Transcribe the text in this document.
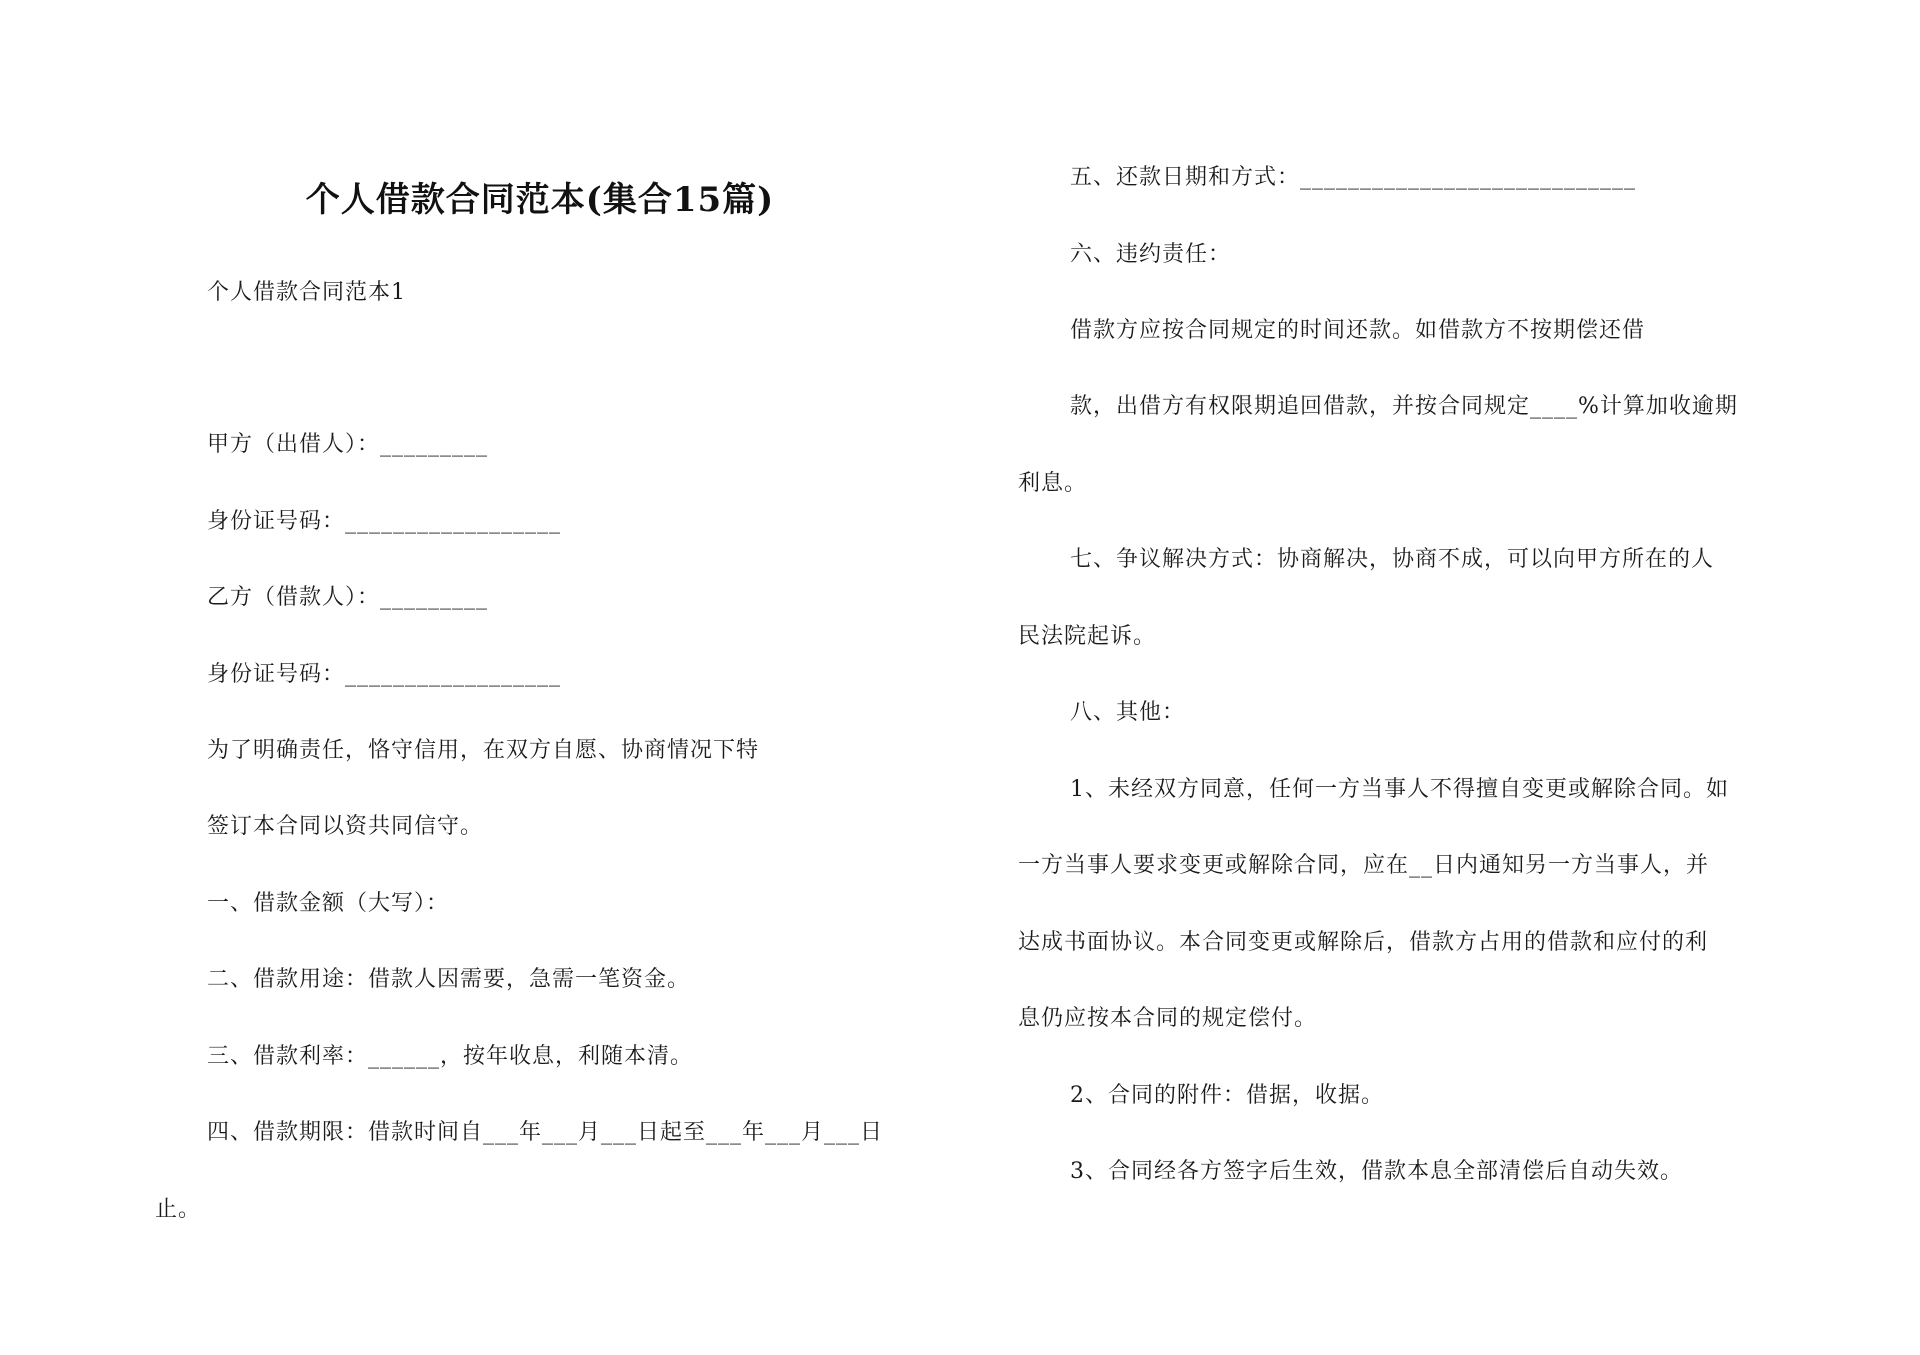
个人借款合同范本(集合15篇)
个人借款合同范本1
甲方（出借人）：_________
身份证号码：__________________
乙方（借款人）：_________
身份证号码：__________________
为了明确责任，恪守信用，在双方自愿、协商情况下特
签订本合同以资共同信守。
一、借款金额（大写）：
二、借款用途：借款人因需要，急需一笔资金。
三、借款利率：______，按年收息，利随本清。
四、借款期限：借款时间自___年___月___日起至___年___月___日
止。
五、还款日期和方式：____________________________
六、违约责任：
借款方应按合同规定的时间还款。如借款方不按期偿还借
款，出借方有权限期追回借款，并按合同规定____%计算加收逾期
利息。
七、争议解决方式：协商解决，协商不成，可以向甲方所在的人
民法院起诉。
八、其他：
1、未经双方同意，任何一方当事人不得擅自变更或解除合同。如
一方当事人要求变更或解除合同，应在__日内通知另一方当事人，并
达成书面协议。本合同变更或解除后，借款方占用的借款和应付的利
息仍应按本合同的规定偿付。
2、合同的附件：借据，收据。
3、合同经各方签字后生效，借款本息全部清偿后自动失效。
